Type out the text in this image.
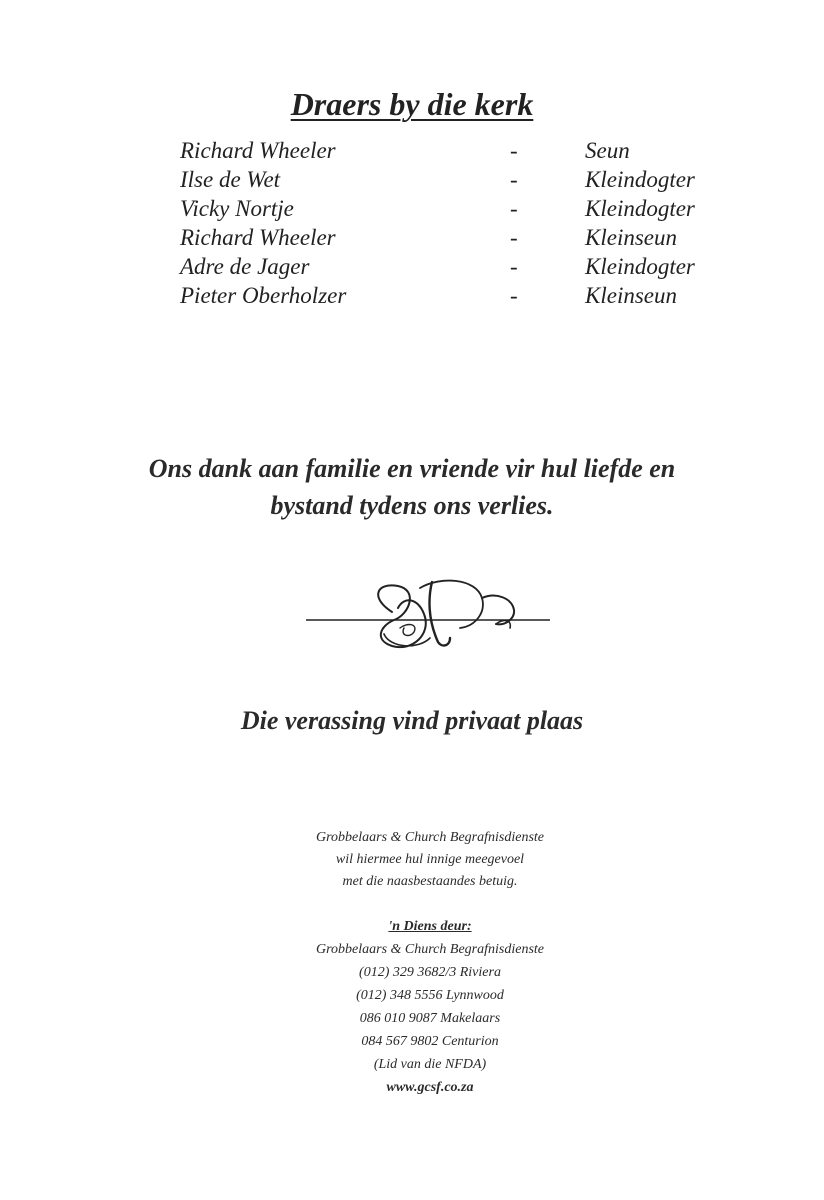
Draers by die kerk
Richard Wheeler	-	Seun
Ilse de Wet	-	Kleindogter
Vicky Nortje	-	Kleindogter
Richard Wheeler	-	Kleinseun
Adre de Jager	-	Kleindogter
Pieter Oberholzer	-	Kleinseun
Ons dank aan familie en vriende vir hul liefde en
bystand tydens ons verlies.
Die verassing vind privaat plaas
Grobbelaars & Church Begrafnisdienste
wil hiermee hul innige meegevoel
met die naasbestaandes betuig.
'n Diens deur:
Grobbelaars & Church Begrafnisdienste
(012) 329 3682/3 Riviera
(012) 348 5556 Lynnwood
086 010 9087 Makelaars
084 567 9802 Centurion
(Lid van die NFDA)
www.gcsf.co.za
